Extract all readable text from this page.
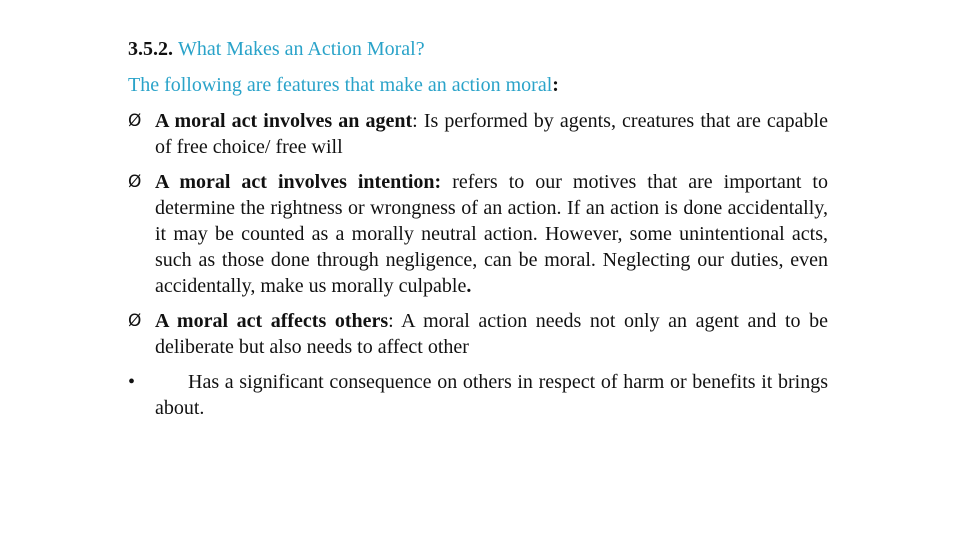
3.5.2. What Makes an Action Moral?
The following are features that make an action moral:
Ø A moral act involves an agent: Is performed by agents, creatures that are capable of free choice/ free will
Ø A moral act involves intention: refers to our motives that are important to determine the rightness or wrongness of an action. If an action is done accidentally, it may be counted as a morally neutral action. However, some unintentional acts, such as those done through negligence, can be moral. Neglecting our duties, even accidentally, make us morally culpable.
Ø A moral act affects others: A moral action needs not only an agent and to be deliberate but also needs to affect other
•	Has a significant consequence on others in respect of harm or benefits it brings about.
